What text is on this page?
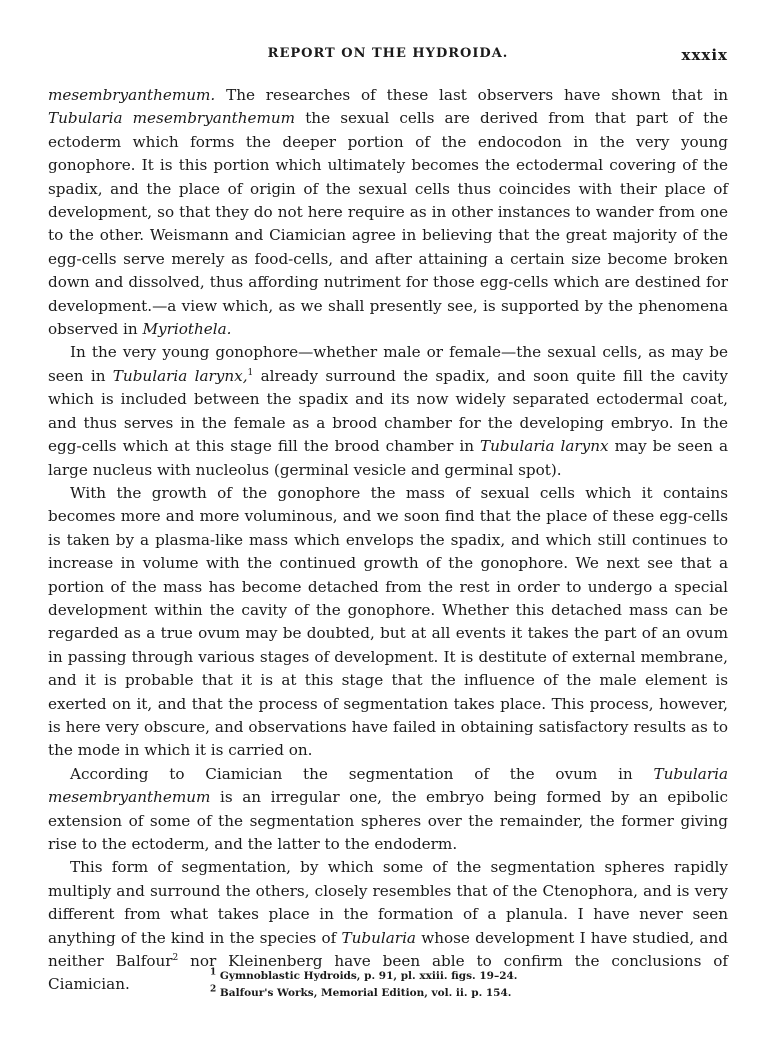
REPORT ON THE HYDROIDA.	xxxix

mesembryanthemum. The researches of these last observers have shown that in Tubularia mesembryanthemum the sexual cells are derived from that part of the ectoderm which forms the deeper portion of the endocodon in the very young gonophore. It is this portion which ultimately becomes the ectodermal covering of the spadix, and the place of origin of the sexual cells thus coincides with their place of development, so that they do not here require as in other instances to wander from one to the other. Weismann and Ciamician agree in believing that the great majority of the egg-cells serve merely as food-cells, and after attaining a certain size become broken down and dissolved, thus affording nutriment for those egg-cells which are destined for development.—a view which, as we shall presently see, is supported by the phenomena observed in Myriothela.

In the very young gonophore—whether male or female—the sexual cells, as may be seen in Tubularia larynx,$^1$ already surround the spadix, and soon quite fill the cavity which is included between the spadix and its now widely separated ectodermal coat, and thus serves in the female as a brood chamber for the developing embryo. In the egg-cells which at this stage fill the brood chamber in Tubularia larynx may be seen a large nucleus with nucleolus (germinal vesicle and germinal spot).

With the growth of the gonophore the mass of sexual cells which it contains becomes more and more voluminous, and we soon find that the place of these egg-cells is taken by a plasma-like mass which envelops the spadix, and which still continues to increase in volume with the continued growth of the gonophore. We next see that a portion of the mass has become detached from the rest in order to undergo a special development within the cavity of the gonophore. Whether this detached mass can be regarded as a true ovum may be doubted, but at all events it takes the part of an ovum in passing through various stages of development. It is destitute of external membrane, and it is probable that it is at this stage that the influence of the male element is exerted on it, and that the process of segmentation takes place. This process, however, is here very obscure, and observations have failed in obtaining satisfactory results as to the mode in which it is carried on.

According to Ciamician the segmentation of the ovum in Tubularia mesembryanthemum is an irregular one, the embryo being formed by an epibolic extension of some of the segmentation spheres over the remainder, the former giving rise to the ectoderm, and the latter to the endoderm.

This form of segmentation, by which some of the segmentation spheres rapidly multiply and surround the others, closely resembles that of the Ctenophora, and is very different from what takes place in the formation of a planula. I have never seen anything of the kind in the species of Tubularia whose development I have studied, and neither Balfour$^2$ nor Kleinenberg have been able to confirm the conclusions of Ciamician.

$^1$ Gymnoblastic Hydroids, p. 91, pl. xxiii. figs. 19–24.

$^2$ Balfour's Works, Memorial Edition, vol. ii. p. 154.
